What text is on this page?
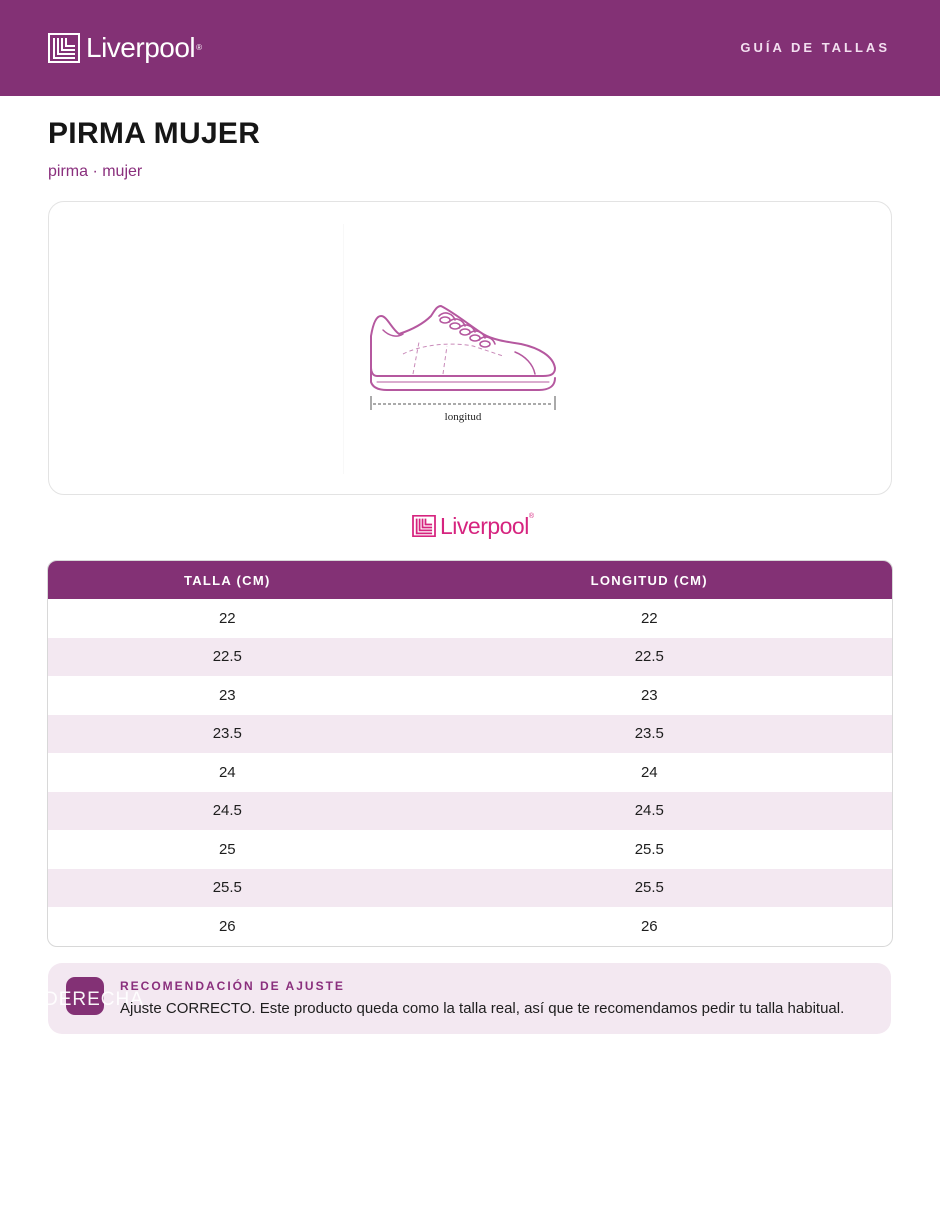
Liverpool®	GUÍA DE TALLAS
PIRMA MUJER
pirma · mujer
longitud
Liverpool®
TALLA (CM)	LONGITUD (CM)
22	22
22.5	22.5
23	23
23.5	23.5
24	24
24.5	24.5
25	25.5
25.5	25.5
26	26
DERECHA
RECOMENDACIÓN DE AJUSTE
Ajuste CORRECTO. Este producto queda como la talla real, así que te recomendamos pedir tu talla habitual.
